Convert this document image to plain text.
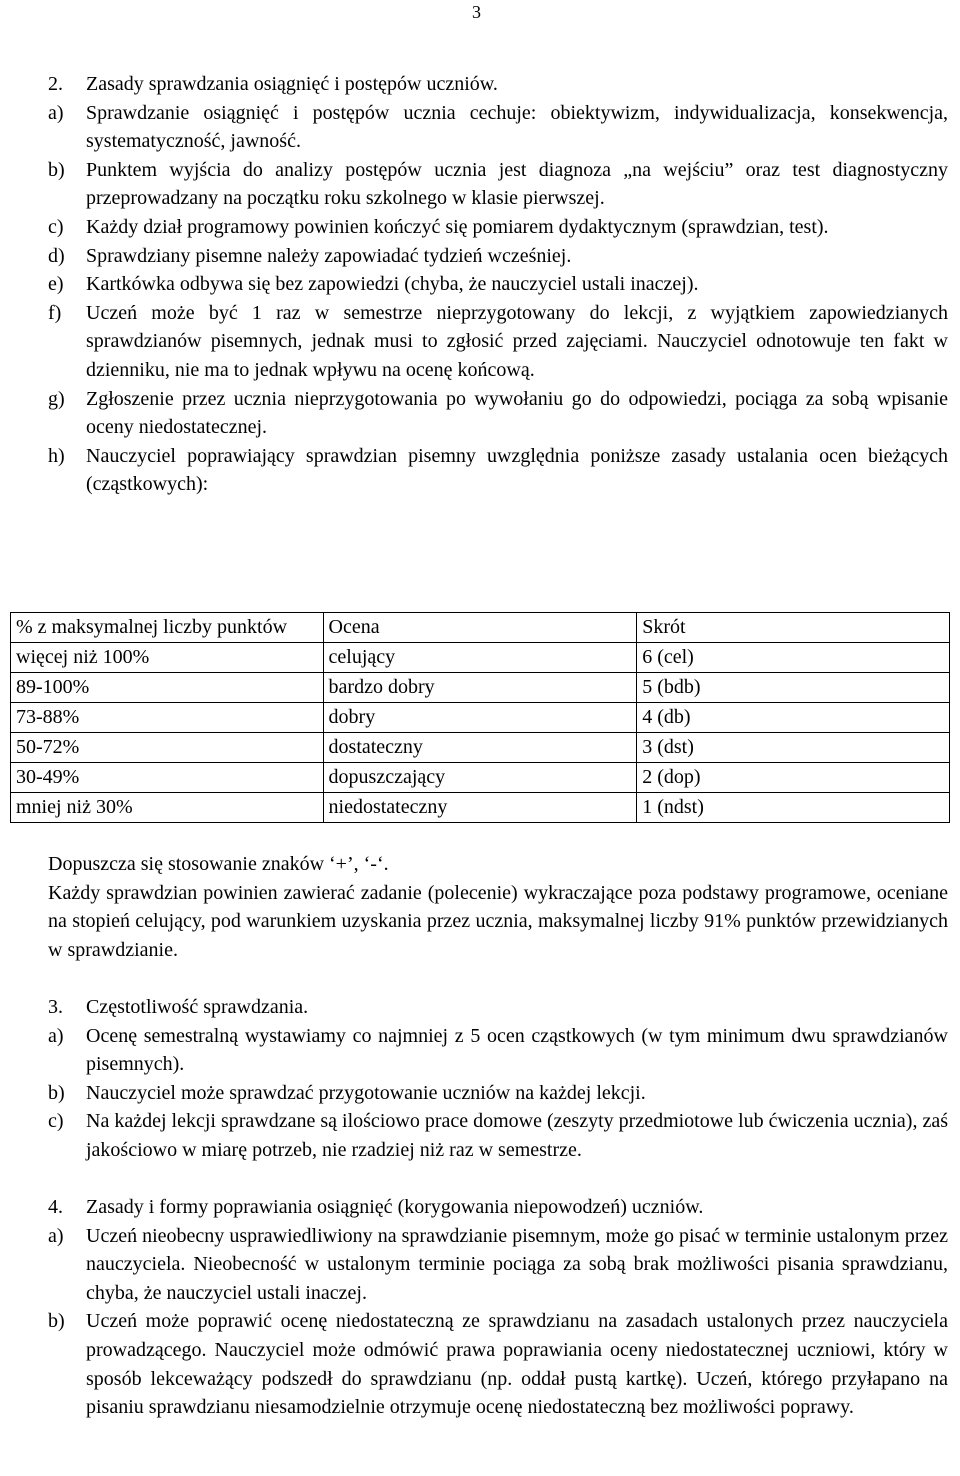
3
2. Zasady sprawdzania osiągnięć i postępów uczniów.
a) Sprawdzanie osiągnięć i postępów ucznia cechuje: obiektywizm, indywidualizacja, konsekwencja, systematyczność, jawność.
b) Punktem wyjścia do analizy postępów ucznia jest diagnoza „na wejściu” oraz test diagnostyczny przeprowadzany na początku roku szkolnego w klasie pierwszej.
c) Każdy dział programowy powinien kończyć się pomiarem dydaktycznym (sprawdzian, test).
d) Sprawdziany pisemne należy zapowiadać tydzień wcześniej.
e) Kartkówka odbywa się bez zapowiedzi (chyba, że nauczyciel ustali inaczej).
f) Uczeń może być 1 raz w semestrze nieprzygotowany do lekcji, z wyjątkiem zapowiedzianych sprawdzianów pisemnych, jednak musi to zgłosić przed zajęciami. Nauczyciel odnotowuje ten fakt w dzienniku, nie ma to jednak wpływu na ocenę końcową.
g) Zgłoszenie przez ucznia nieprzygotowania po wywołaniu go do odpowiedzi, pociąga za sobą wpisanie oceny niedostatecznej.
h) Nauczyciel poprawiający sprawdzian pisemny uwzględnia poniższe zasady ustalania ocen bieżących (cząstkowych):
% z maksymalnej liczby punktów	Ocena	Skrót
więcej niż 100%	celujący	6 (cel)
89-100%	bardzo dobry	5 (bdb)
73-88%	dobry	4 (db)
50-72%	dostateczny	3 (dst)
30-49%	dopuszczający	2 (dop)
mniej niż 30%	niedostateczny	1 (ndst)
Dopuszcza się stosowanie znaków ‘+’, ‘-‘.
Każdy sprawdzian powinien zawierać zadanie (polecenie) wykraczające poza podstawy programowe, oceniane na stopień celujący, pod warunkiem uzyskania przez ucznia, maksymalnej liczby 91% punktów przewidzianych w sprawdzianie.
3. Częstotliwość sprawdzania.
a) Ocenę semestralną wystawiamy co najmniej z 5 ocen cząstkowych (w tym minimum dwu sprawdzianów pisemnych).
b) Nauczyciel może sprawdzać przygotowanie uczniów na każdej lekcji.
c) Na każdej lekcji sprawdzane są ilościowo prace domowe (zeszyty przedmiotowe lub ćwiczenia ucznia), zaś jakościowo w miarę potrzeb, nie rzadziej niż raz w semestrze.
4. Zasady i formy poprawiania osiągnięć (korygowania niepowodzeń) uczniów.
a) Uczeń nieobecny usprawiedliwiony na sprawdzianie pisemnym, może go pisać w terminie ustalonym przez nauczyciela. Nieobecność w ustalonym terminie pociąga za sobą brak możliwości pisania sprawdzianu, chyba, że nauczyciel ustali inaczej.
b) Uczeń może poprawić ocenę niedostateczną ze sprawdzianu na zasadach ustalonych przez nauczyciela prowadzącego. Nauczyciel może odmówić prawa poprawiania oceny niedostatecznej uczniowi, który w sposób lekceważący podszedł do sprawdzianu (np. oddał pustą kartkę). Uczeń, którego przyłapano na pisaniu sprawdzianu niesamodzielnie otrzymuje ocenę niedostateczną bez możliwości poprawy.
